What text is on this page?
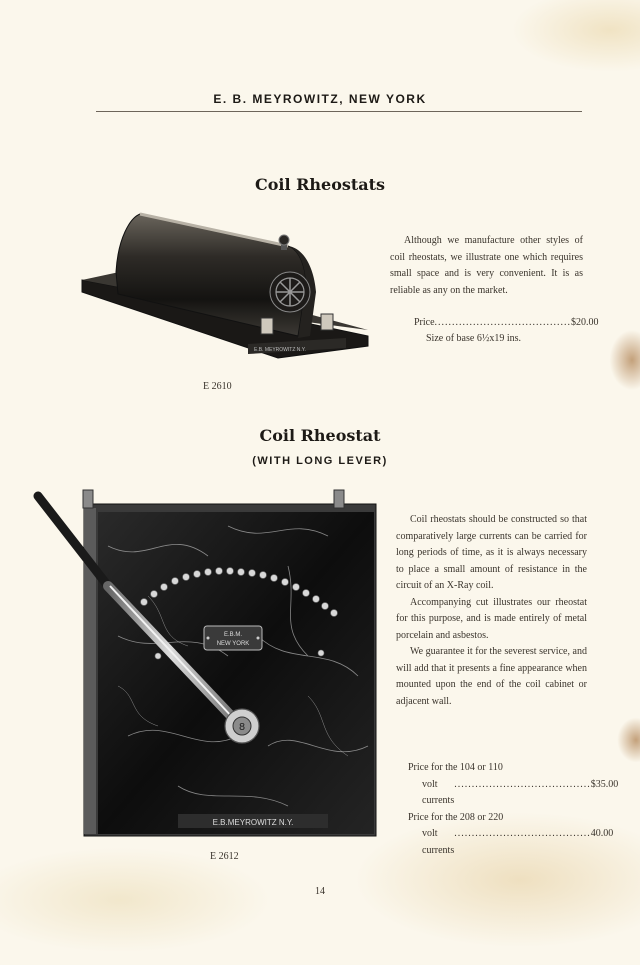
E. B. MEYROWITZ, NEW YORK
Coil Rheostats
E.B. MEYROWITZ N.Y.

Although we manufacture other styles of coil rheostats, we illustrate one which requires small space and is very convenient. It is as reliable as any on the market.

Price ....................................... $20.00
Size of base 6½x19 ins.
E 2610
Coil Rheostat
(WITH LONG LEVER)
E.B.M.
NEW YORK
8
E.B.MEYROWITZ N.Y.

Coil rheostats should be constructed so that comparatively large currents can be carried for long periods of time, as it is always necessary to place a small amount of resistance in the circuit of an X-Ray coil.

Accompanying cut illustrates our rheostat for this purpose, and is made entirely of metal porcelain and asbestos.

We guarantee it for the severest service, and will add that it presents a fine appearance when mounted upon the end of the coil cabinet or adjacent wall.

Price for the 104 or 110
volt currents
....................................... $35.00
Price for the 208 or 220
volt currents
....................................... 40.00
E 2612
14
